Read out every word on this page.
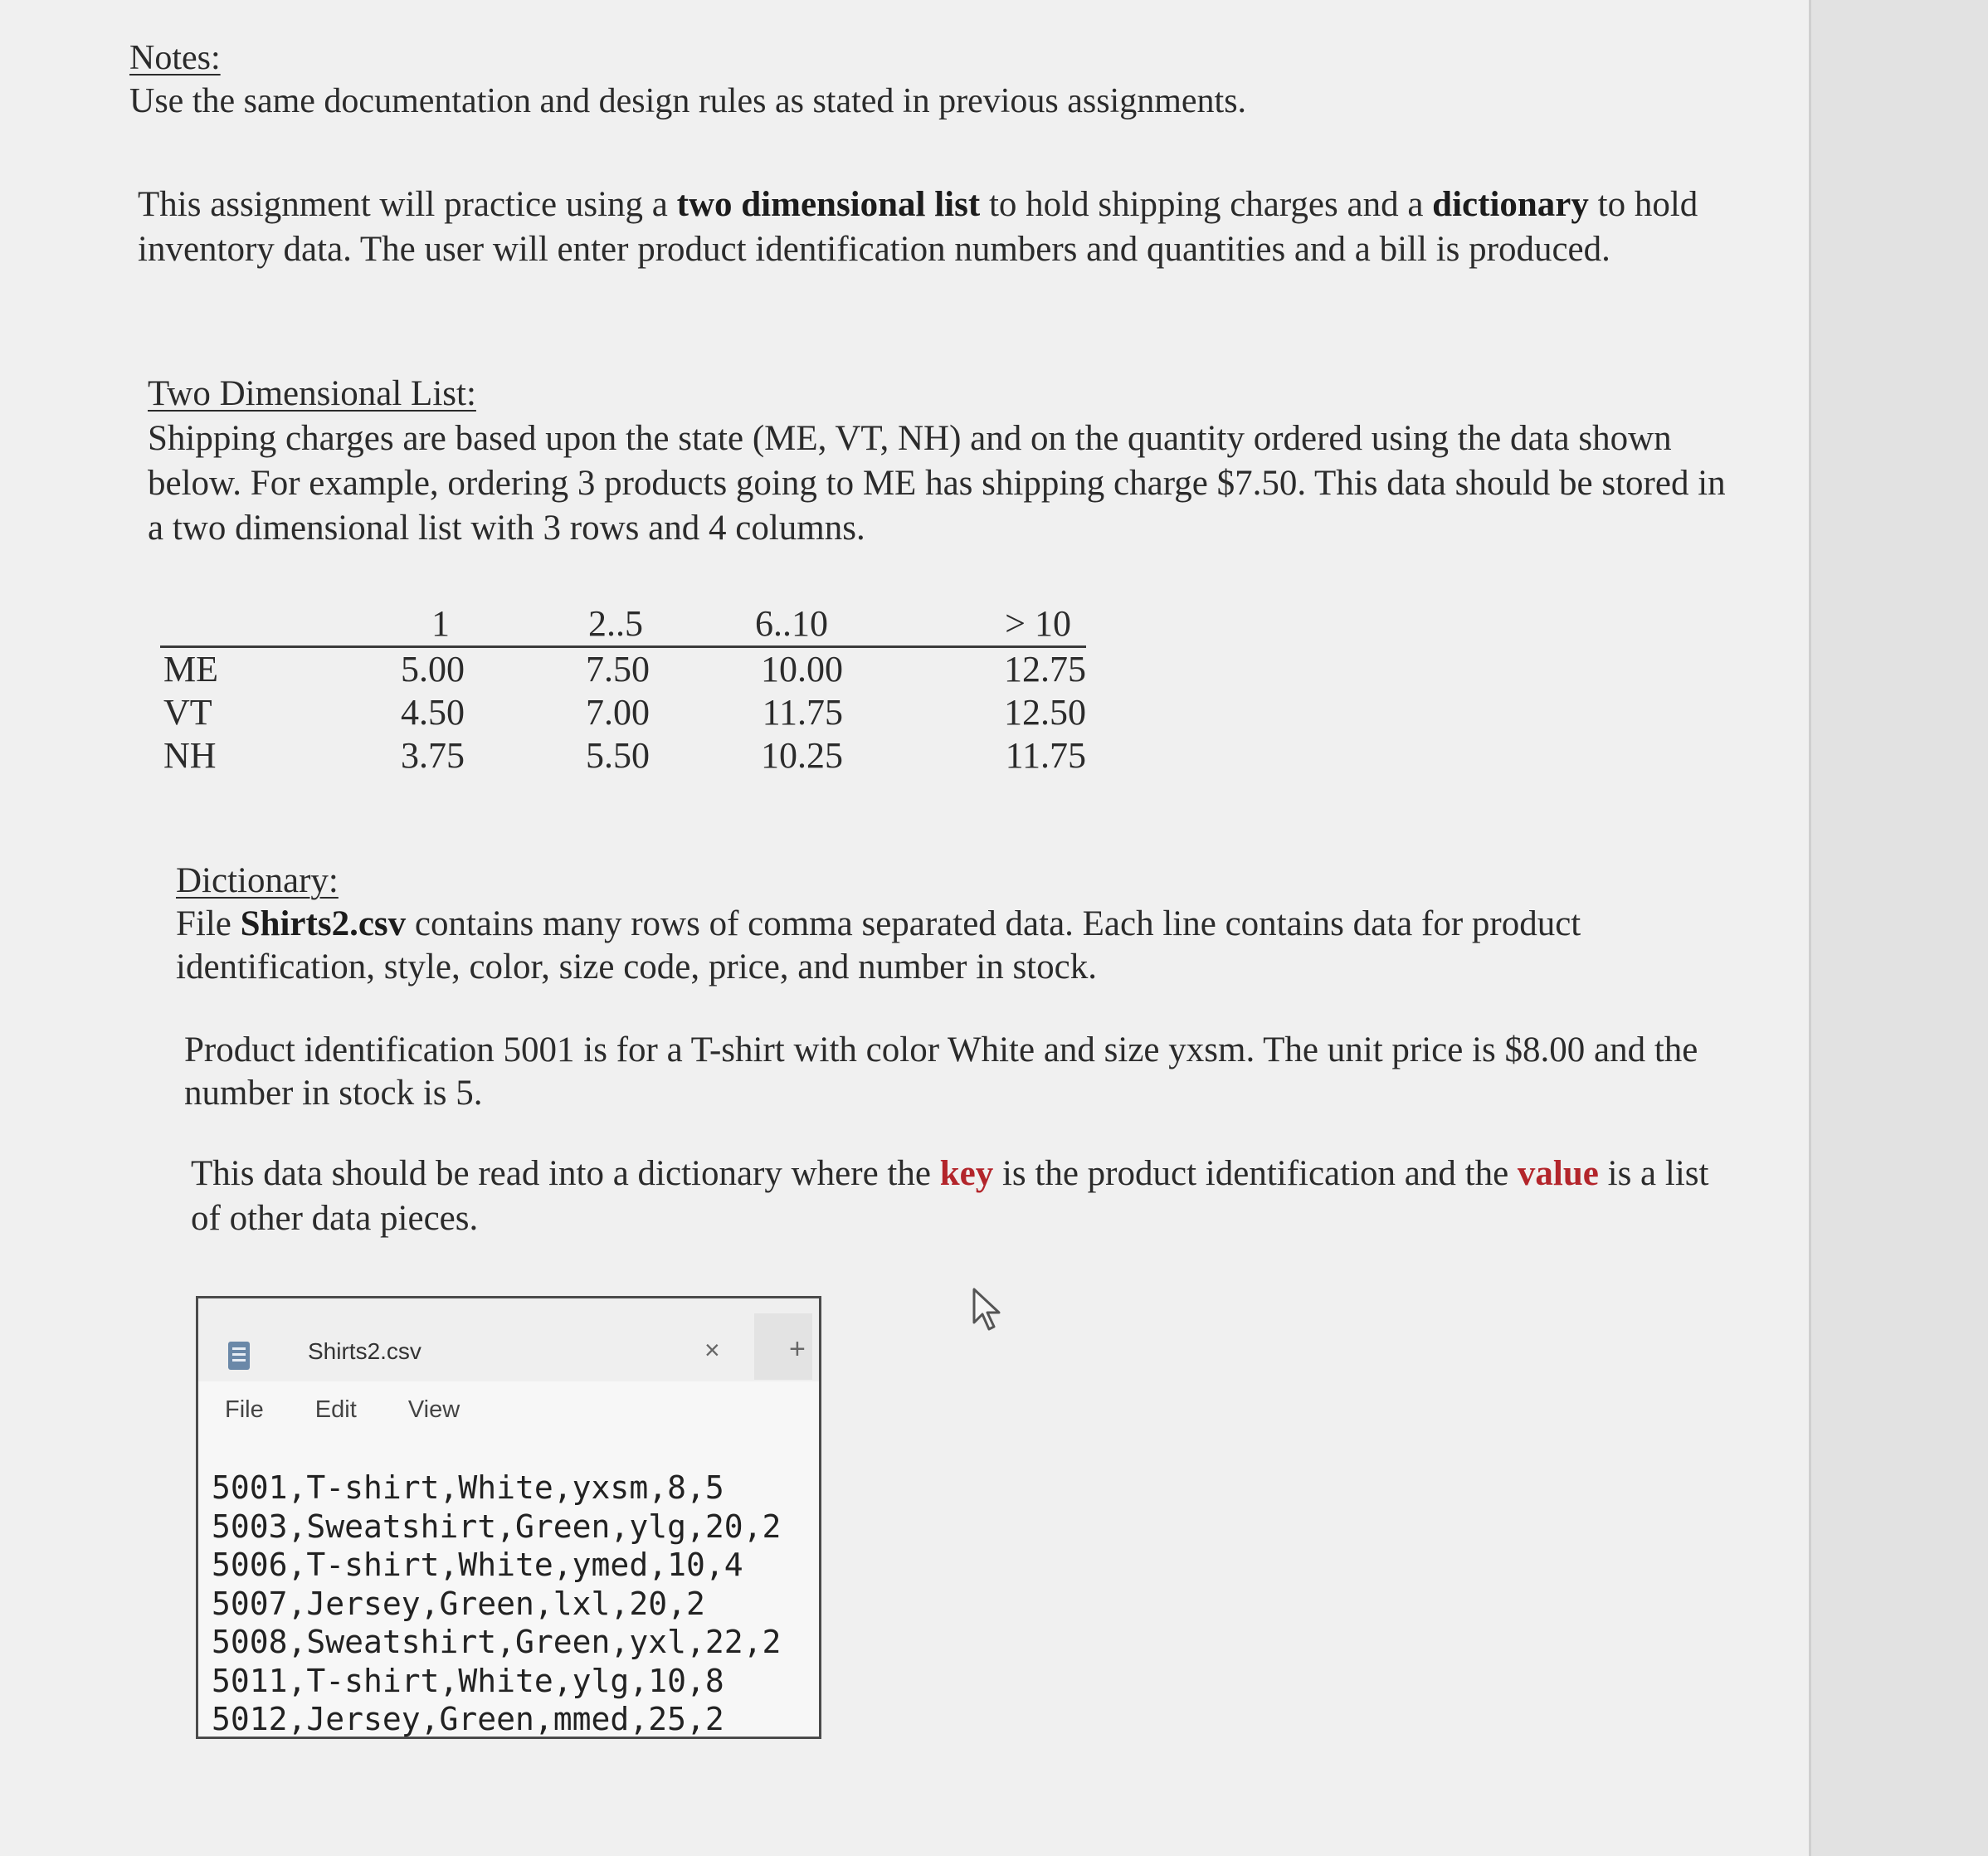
Notes:
Use the same documentation and design rules as stated in previous assignments.

This assignment will practice using a two dimensional list to hold shipping charges and a dictionary to hold inventory data. The user will enter product identification numbers and quantities and a bill is produced.

Two Dimensional List:
Shipping charges are based upon the state (ME, VT, NH) and on the quantity ordered using the data shown below. For example, ordering 3 products going to ME has shipping charge $7.50. This data should be stored in a two dimensional list with 3 rows and 4 columns.

	1	2..5	6..10	> 10
ME	5.00	7.50	10.00	12.75
VT	4.50	7.00	11.75	12.50
NH	3.75	5.50	10.25	11.75

Dictionary:
File Shirts2.csv contains many rows of comma separated data. Each line contains data for product identification, style, color, size code, price, and number in stock.

Product identification 5001 is for a T-shirt with color White and size yxsm. The unit price is $8.00 and the number in stock is 5.

This data should be read into a dictionary where the key is the product identification and the value is a list of other data pieces.

Shirts2.csv	× +
File Edit View
5001,T-shirt,White,yxsm,8,5
5003,Sweatshirt,Green,ylg,20,2
5006,T-shirt,White,ymed,10,4
5007,Jersey,Green,lxl,20,2
5008,Sweatshirt,Green,yxl,22,2
5011,T-shirt,White,ylg,10,8
5012,Jersey,Green,mmed,25,2
